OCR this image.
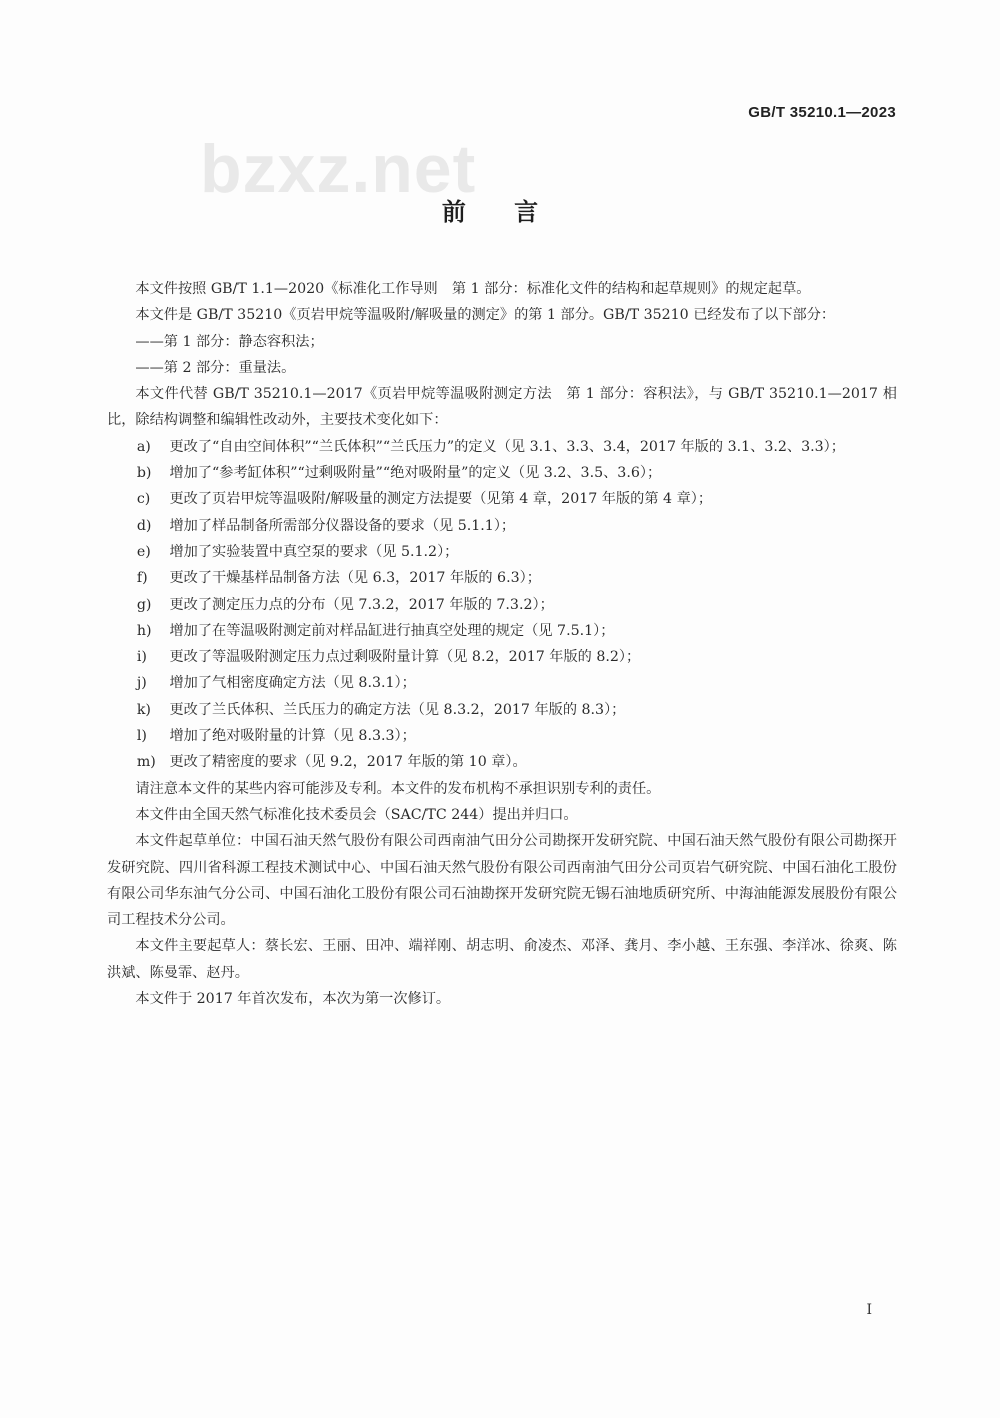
bzxz.net
GB/T 35210.1—2023
前 言

本文件按照 GB/T 1.1—2020《标准化工作导则　第 1 部分：标准化文件的结构和起草规则》的规定起草。

本文件是 GB/T 35210《页岩甲烷等温吸附/解吸量的测定》的第 1 部分。GB/T 35210 已经发布了以下部分：

——第 1 部分：静态容积法；

——第 2 部分：重量法。

本文件代替 GB/T 35210.1—2017《页岩甲烷等温吸附测定方法　第 1 部分：容积法》，与 GB/T 35210.1—2017 相比，除结构调整和编辑性改动外，主要技术变化如下：

a)	更改了“自由空间体积”“兰氏体积”“兰氏压力”的定义（见 3.1、3.3、3.4，2017 年版的 3.1、3.2、3.3）；
b)	增加了“参考缸体积”“过剩吸附量”“绝对吸附量”的定义（见 3.2、3.5、3.6）；
c)	更改了页岩甲烷等温吸附/解吸量的测定方法提要（见第 4 章，2017 年版的第 4 章）；
d)	增加了样品制备所需部分仪器设备的要求（见 5.1.1）；
e)	增加了实验装置中真空泵的要求（见 5.1.2）；
f)	更改了干燥基样品制备方法（见 6.3，2017 年版的 6.3）；
g)	更改了测定压力点的分布（见 7.3.2，2017 年版的 7.3.2）；
h)	增加了在等温吸附测定前对样品缸进行抽真空处理的规定（见 7.5.1）；
i)	更改了等温吸附测定压力点过剩吸附量计算（见 8.2，2017 年版的 8.2）；
j)	增加了气相密度确定方法（见 8.3.1）；
k)	更改了兰氏体积、兰氏压力的确定方法（见 8.3.2，2017 年版的 8.3）；
l)	增加了绝对吸附量的计算（见 8.3.3）；
m) 更改了精密度的要求（见 9.2，2017 年版的第 10 章）。

请注意本文件的某些内容可能涉及专利。本文件的发布机构不承担识别专利的责任。

本文件由全国天然气标准化技术委员会（SAC/TC 244）提出并归口。

本文件起草单位：中国石油天然气股份有限公司西南油气田分公司勘探开发研究院、中国石油天然气股份有限公司勘探开发研究院、四川省科源工程技术测试中心、中国石油天然气股份有限公司西南油气田分公司页岩气研究院、中国石油化工股份有限公司华东油气分公司、中国石油化工股份有限公司石油勘探开发研究院无锡石油地质研究所、中海油能源发展股份有限公司工程技术分公司。

本文件主要起草人：蔡长宏、王丽、田冲、端祥刚、胡志明、俞凌杰、邓泽、龚月、李小越、王东强、李洋冰、徐爽、陈洪斌、陈曼霏、赵丹。

本文件于 2017 年首次发布，本次为第一次修订。

I
